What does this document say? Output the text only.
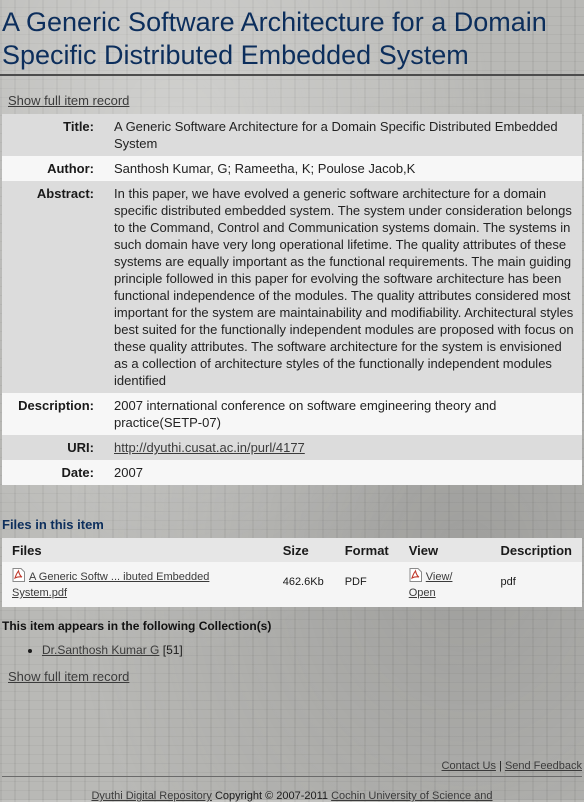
A Generic Software Architecture for a Domain Specific Distributed Embedded System
Show full item record
Title:	A Generic Software Architecture for a Domain Specific Distributed Embedded System
Author:	Santhosh Kumar, G; Rameetha, K; Poulose Jacob,K
Abstract:	In this paper, we have evolved a generic software architecture for a domain specific distributed embedded system. The system under consideration belongs to the Command, Control and Communication systems domain. The systems in such domain have very long operational lifetime. The quality attributes of these systems are equally important as the functional requirements. The main guiding principle followed in this paper for evolving the software architecture has been functional independence of the modules. The quality attributes considered most important for the system are maintainability and modifiability. Architectural styles best suited for the functionally independent modules are proposed with focus on these quality attributes. The software architecture for the system is envisioned as a collection of architecture styles of the functionally independent modules identified
Description:	2007 international conference on software emgineering theory and practice(SETP-07)
URI:	http://dyuthi.cusat.ac.in/purl/4177
Date:	2007
Files in this item
Files	Size	Format	View	Description
A Generic Softw ... ibuted Embedded System.pdf	462.6Kb	PDF	View/ Open	pdf
This item appears in the following Collection(s)
• Dr.Santhosh Kumar G [51]
Show full item record
Contact Us | Send Feedback
Dyuthi Digital Repository Copyright © 2007-2011 Cochin University of Science and
